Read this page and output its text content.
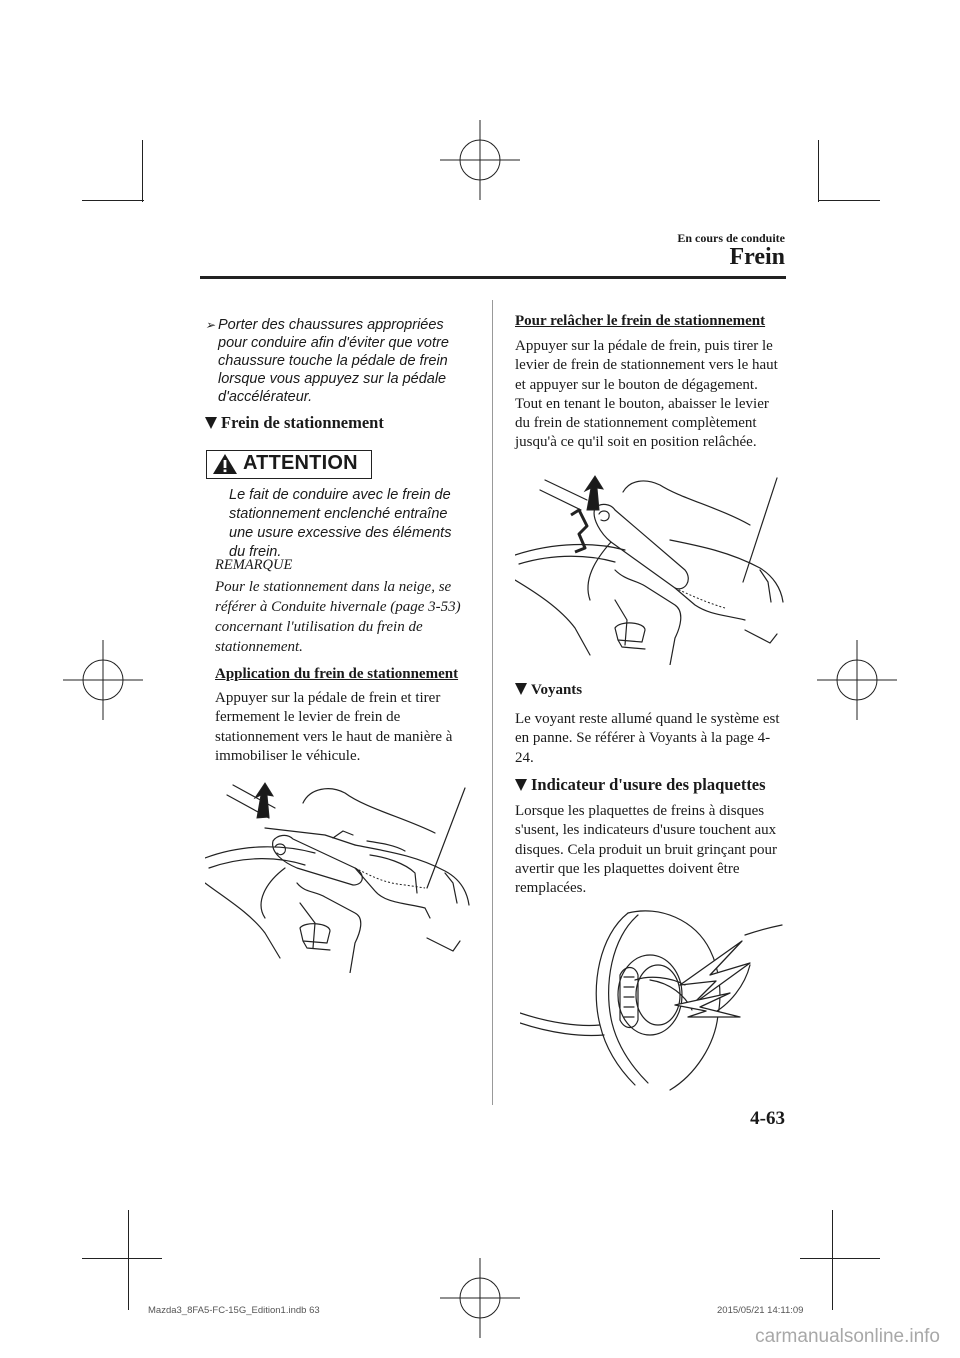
En cours de conduite
Frein
➢ Porter des chaussures appropriées pour conduire afin d'éviter que votre chaussure touche la pédale de frein lorsque vous appuyez sur la pédale d'accélérateur.
Frein de stationnement
ATTENTION
Le fait de conduire avec le frein de stationnement enclenché entraîne une usure excessive des éléments du frein.
REMARQUE
Pour le stationnement dans la neige, se référer à Conduite hivernale (page 3-53) concernant l'utilisation du frein de stationnement.
Application du frein de stationnement
Appuyer sur la pédale de frein et tirer fermement le levier de frein de stationnement vers le haut de manière à immobiliser le véhicule.
Pour relâcher le frein de stationnement
Appuyer sur la pédale de frein, puis tirer le levier de frein de stationnement vers le haut et appuyer sur le bouton de dégagement. Tout en tenant le bouton, abaisser le levier du frein de stationnement complètement jusqu'à ce qu'il soit en position relâchée.
Voyants
Le voyant reste allumé quand le système est en panne. Se référer à Voyants à la page 4-24.
Indicateur d'usure des plaquettes
Lorsque les plaquettes de freins à disques s'usent, les indicateurs d'usure touchent aux disques. Cela produit un bruit grinçant pour avertir que les plaquettes doivent être remplacées.
4-63
Mazda3_8FA5-FC-15G_Edition1.indb 63	2015/05/21 14:11:09
carmanualsonline.info
